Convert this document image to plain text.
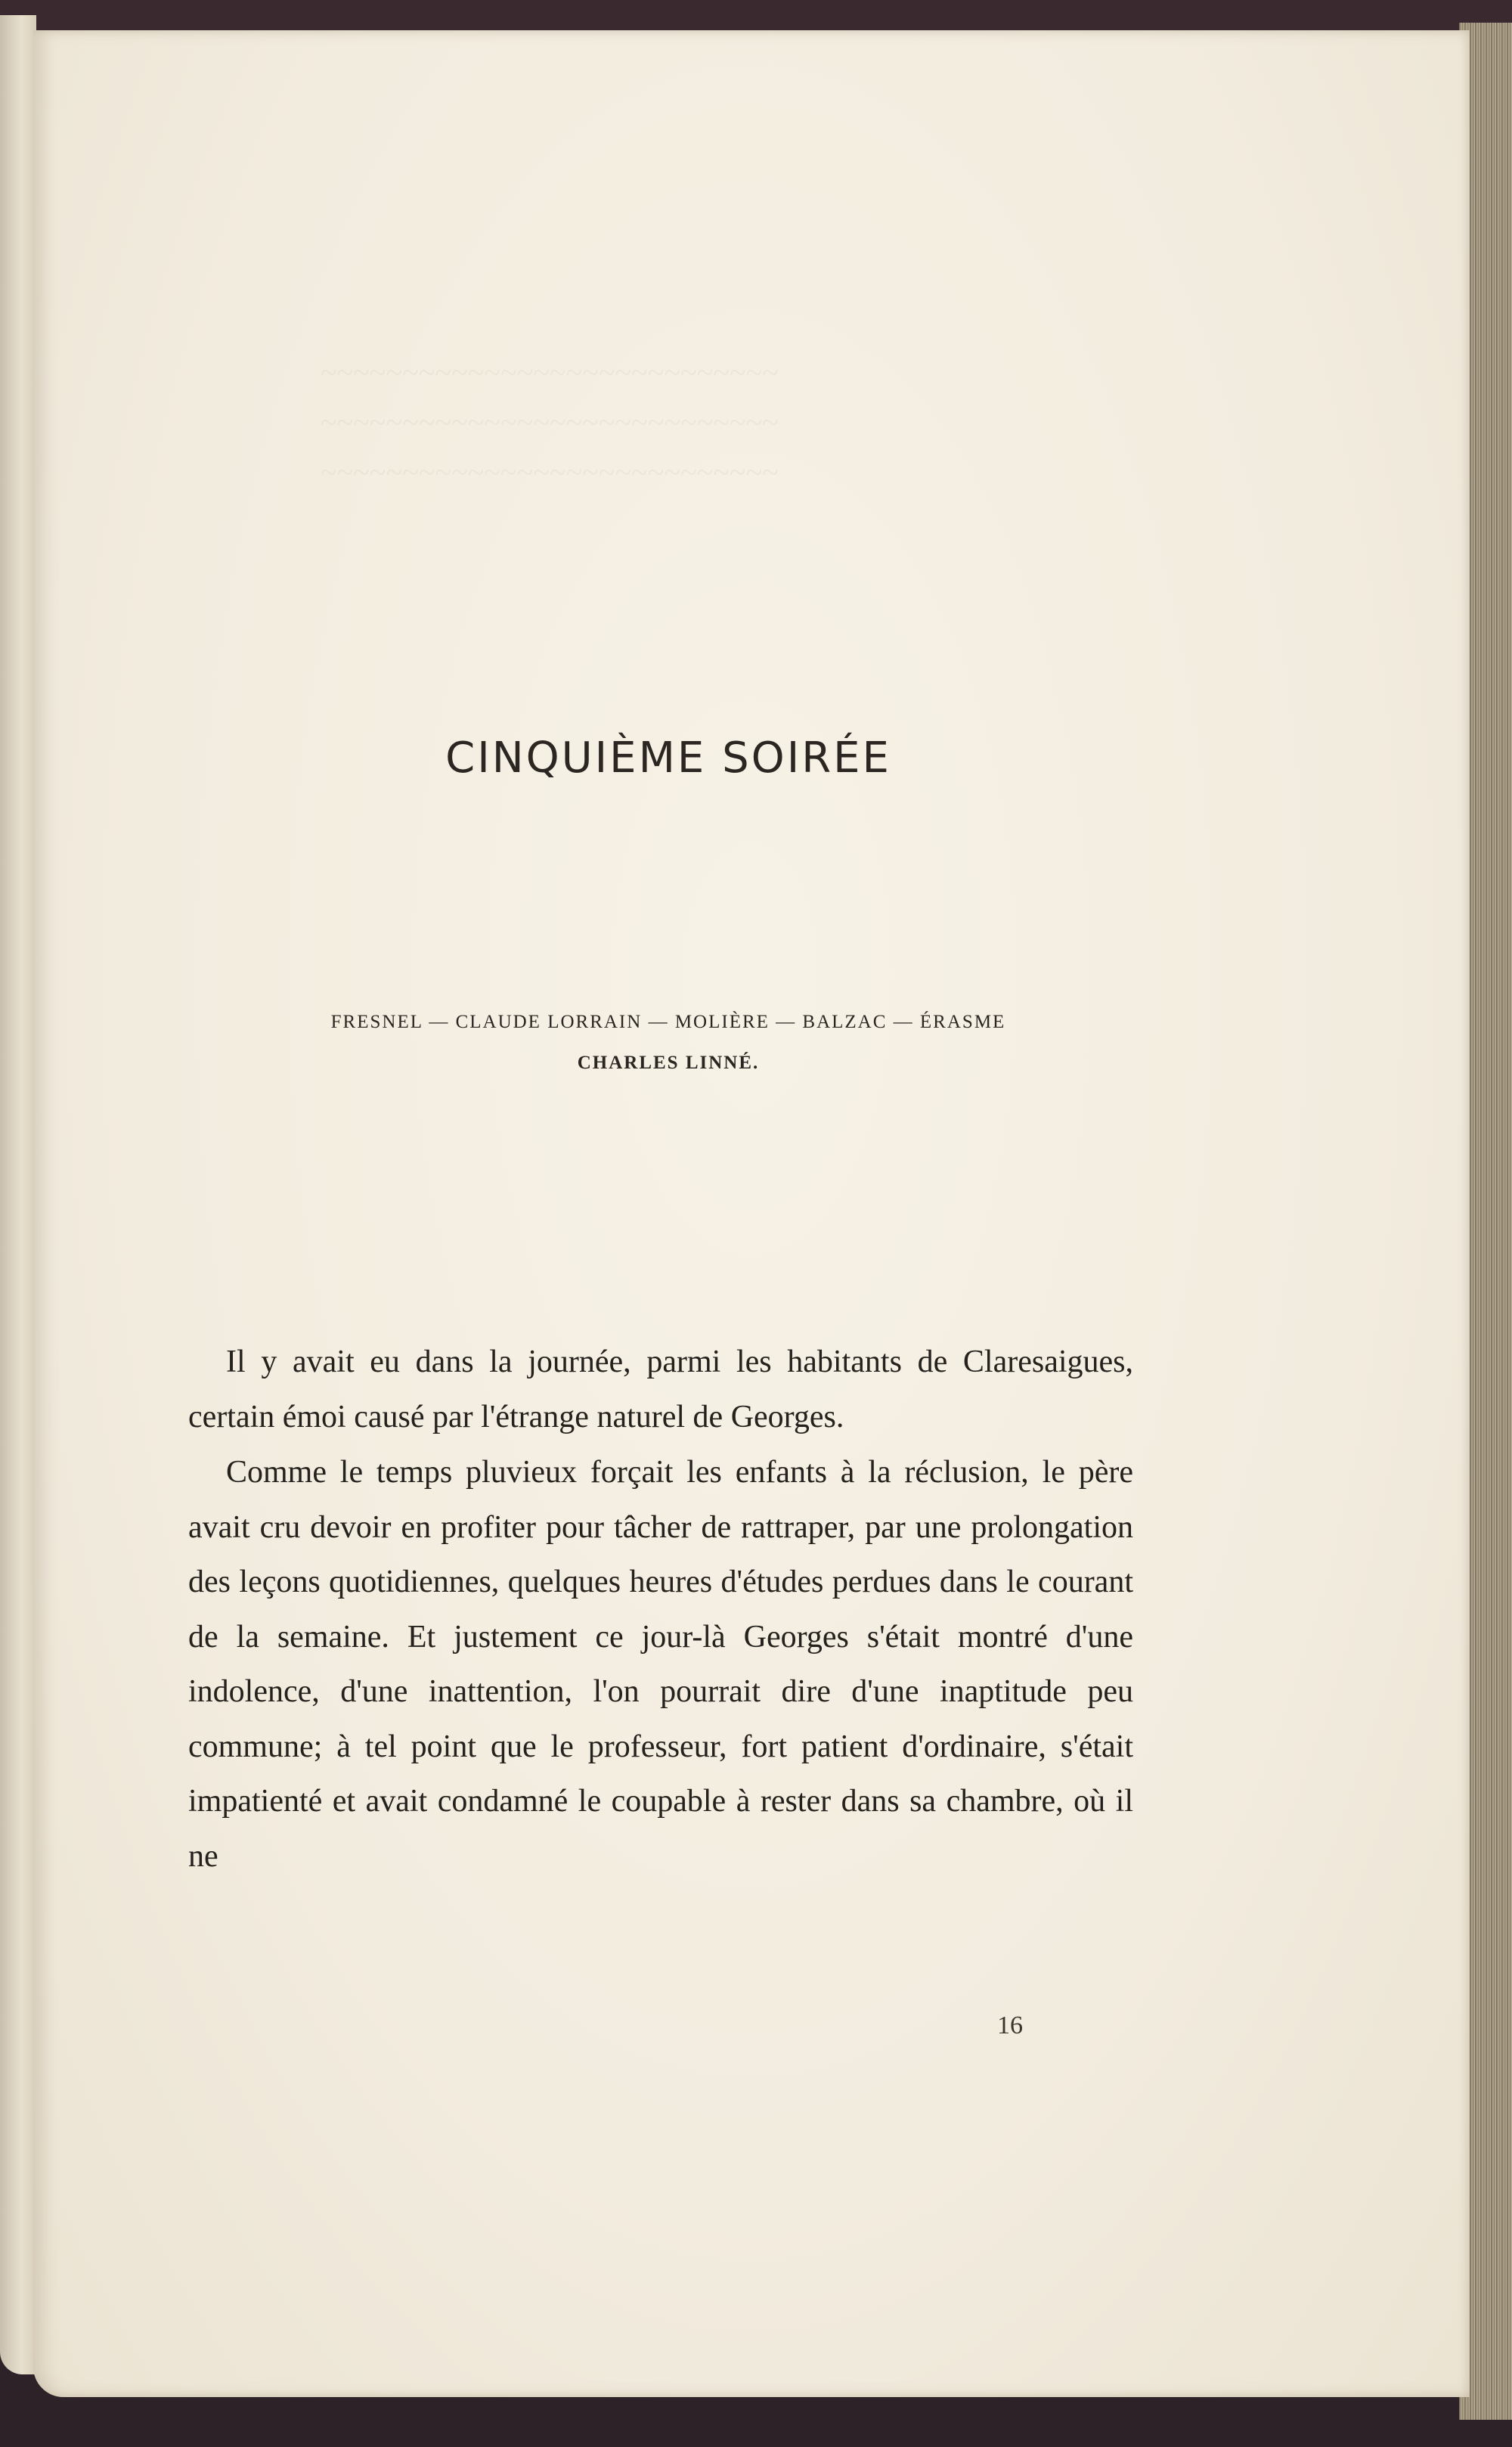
~~~~~~~~~~~~~~~~~~~~~~~~~~~~
~~~~~~~~~~~~~~~~~~~~~~~~~~~~
~~~~~~~~~~~~~~~~~~~~~~~~~~~~
CINQUIÈME SOIRÉE
FRESNEL — CLAUDE LORRAIN — MOLIÈRE — BALZAC — ÉRASME
CHARLES LINNÉ.

Il y avait eu dans la journée, parmi les habitants de Claresaigues, certain émoi causé par l'étrange naturel de Georges.

Comme le temps pluvieux forçait les enfants à la réclusion, le père avait cru devoir en profiter pour tâcher de rattraper, par une prolongation des leçons quotidiennes, quelques heures d'études perdues dans le courant de la semaine. Et justement ce jour-là Georges s'était montré d'une indolence, d'une inattention, l'on pourrait dire d'une inaptitude peu commune; à tel point que le professeur, fort patient d'ordinaire, s'était impatienté et avait condamné le coupable à rester dans sa chambre, où il ne

16
